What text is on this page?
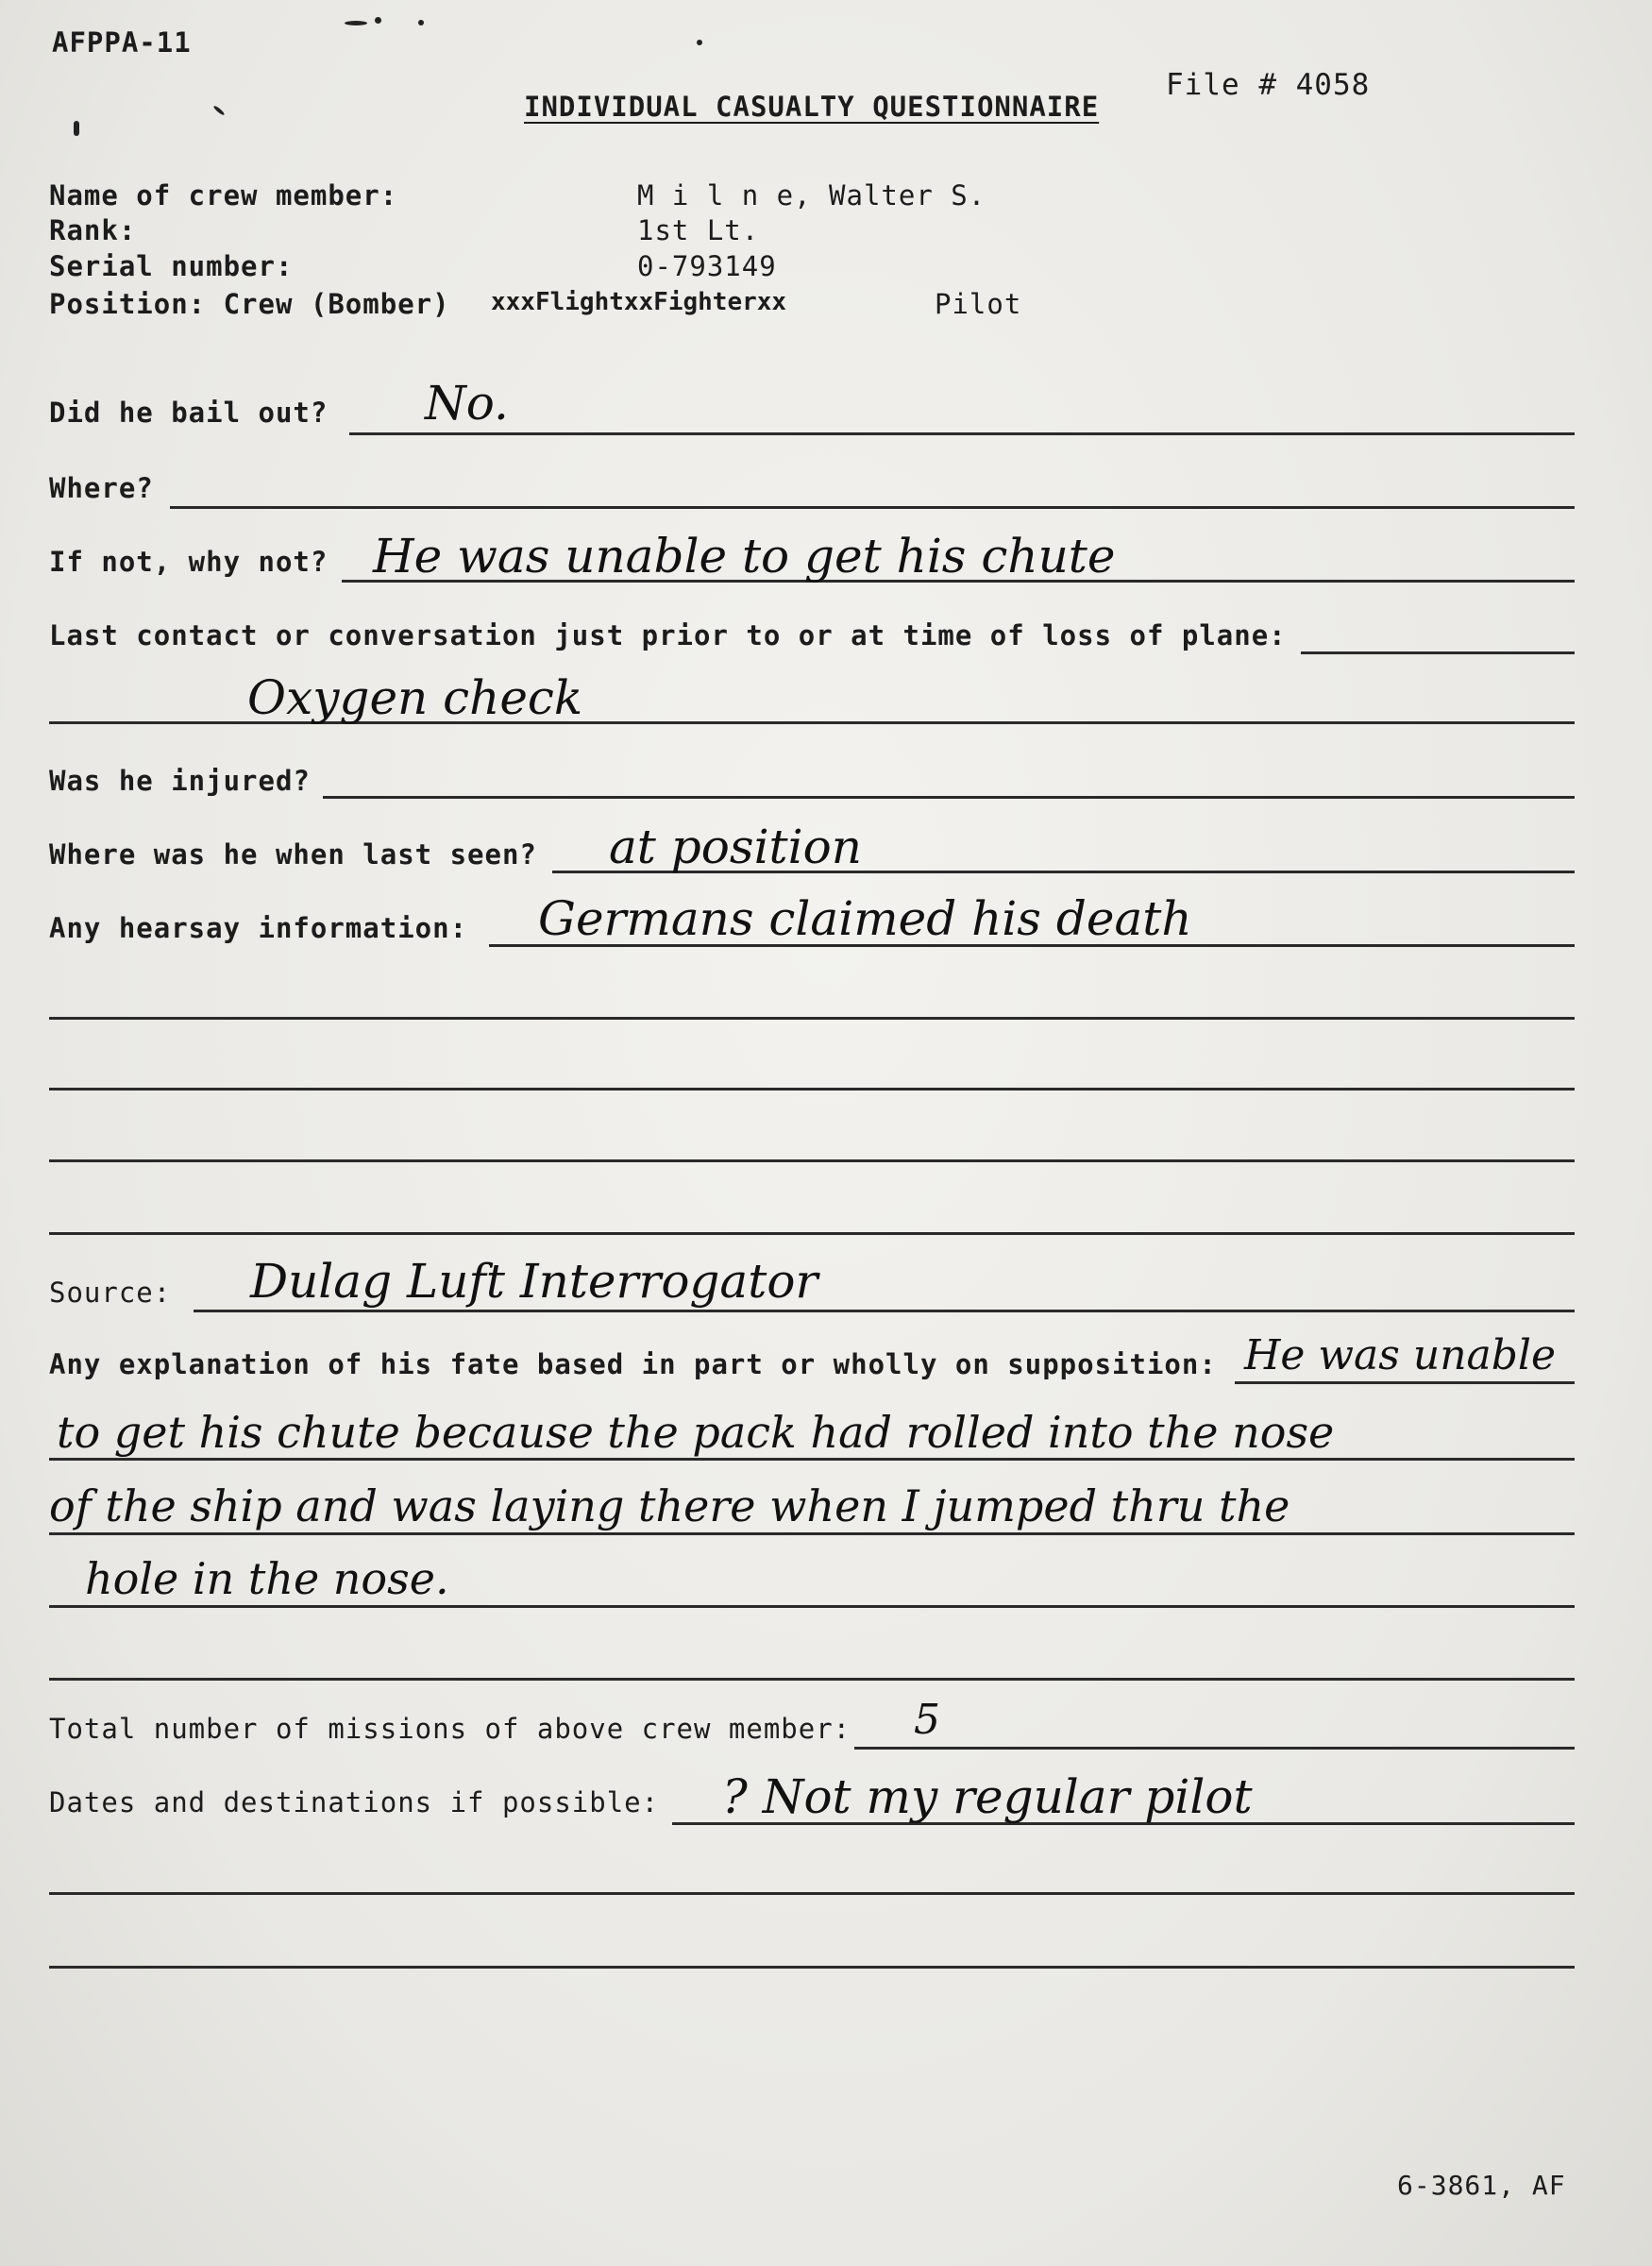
AFPPA-11
INDIVIDUAL CASUALTY QUESTIONNAIRE
File # 4058
Name of crew member:	M i l n e, Walter S.
Rank:	1st Lt.
Serial number:	0-793149
Position: Crew (Bomber) xxxFlightxxFighterxx	Pilot
Did he bail out? No.
Where?
If not, why not? He was unable to get his chute
Last contact or conversation just prior to or at time of loss of plane:
Oxygen check
Was he injured?
Where was he when last seen? at position
Any hearsay information: Germans claimed his death
Source: Dulag Luft Interrogator
Any explanation of his fate based in part or wholly on supposition: He was unable
to get his chute because the pack had rolled into the nose
of the ship and was laying there when I jumped thru the
hole in the nose.
Total number of missions of above crew member: 5
Dates and destinations if possible: ? Not my regular pilot
6-3861, AF
